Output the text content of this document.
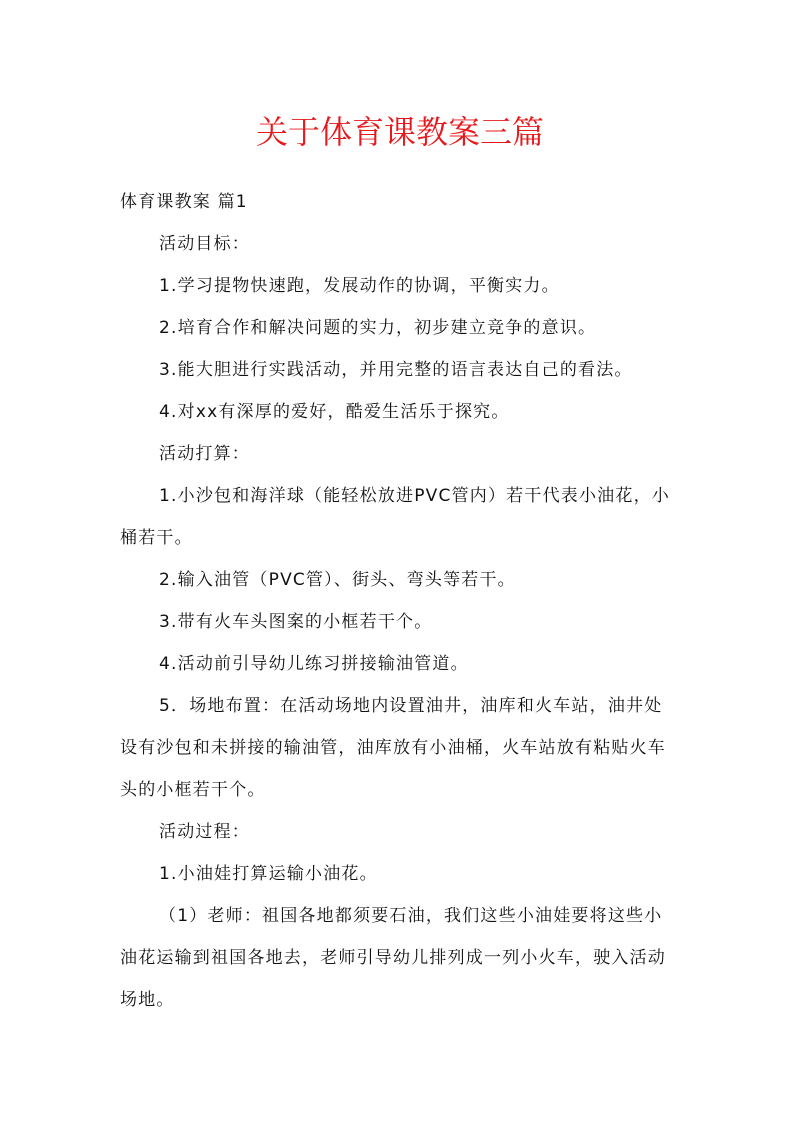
关于体育课教案三篇
体育课教案 篇1
活动目标：
1.学习提物快速跑，发展动作的协调，平衡实力。
2.培育合作和解决问题的实力，初步建立竞争的意识。
3.能大胆进行实践活动，并用完整的语言表达自己的看法。
4.对xx有深厚的爱好，酷爱生活乐于探究。
活动打算：
1.小沙包和海洋球（能轻松放进PVC管内）若干代表小油花，小
桶若干。
2.输入油管（PVC管）、街头、弯头等若干。
3.带有火车头图案的小框若干个。
4.活动前引导幼儿练习拼接输油管道。
5．场地布置：在活动场地内设置油井，油库和火车站，油井处
设有沙包和未拼接的输油管，油库放有小油桶，火车站放有粘贴火车
头的小框若干个。
活动过程：
1.小油娃打算运输小油花。
（1）老师：祖国各地都须要石油，我们这些小油娃要将这些小
油花运输到祖国各地去，老师引导幼儿排列成一列小火车，驶入活动
场地。
